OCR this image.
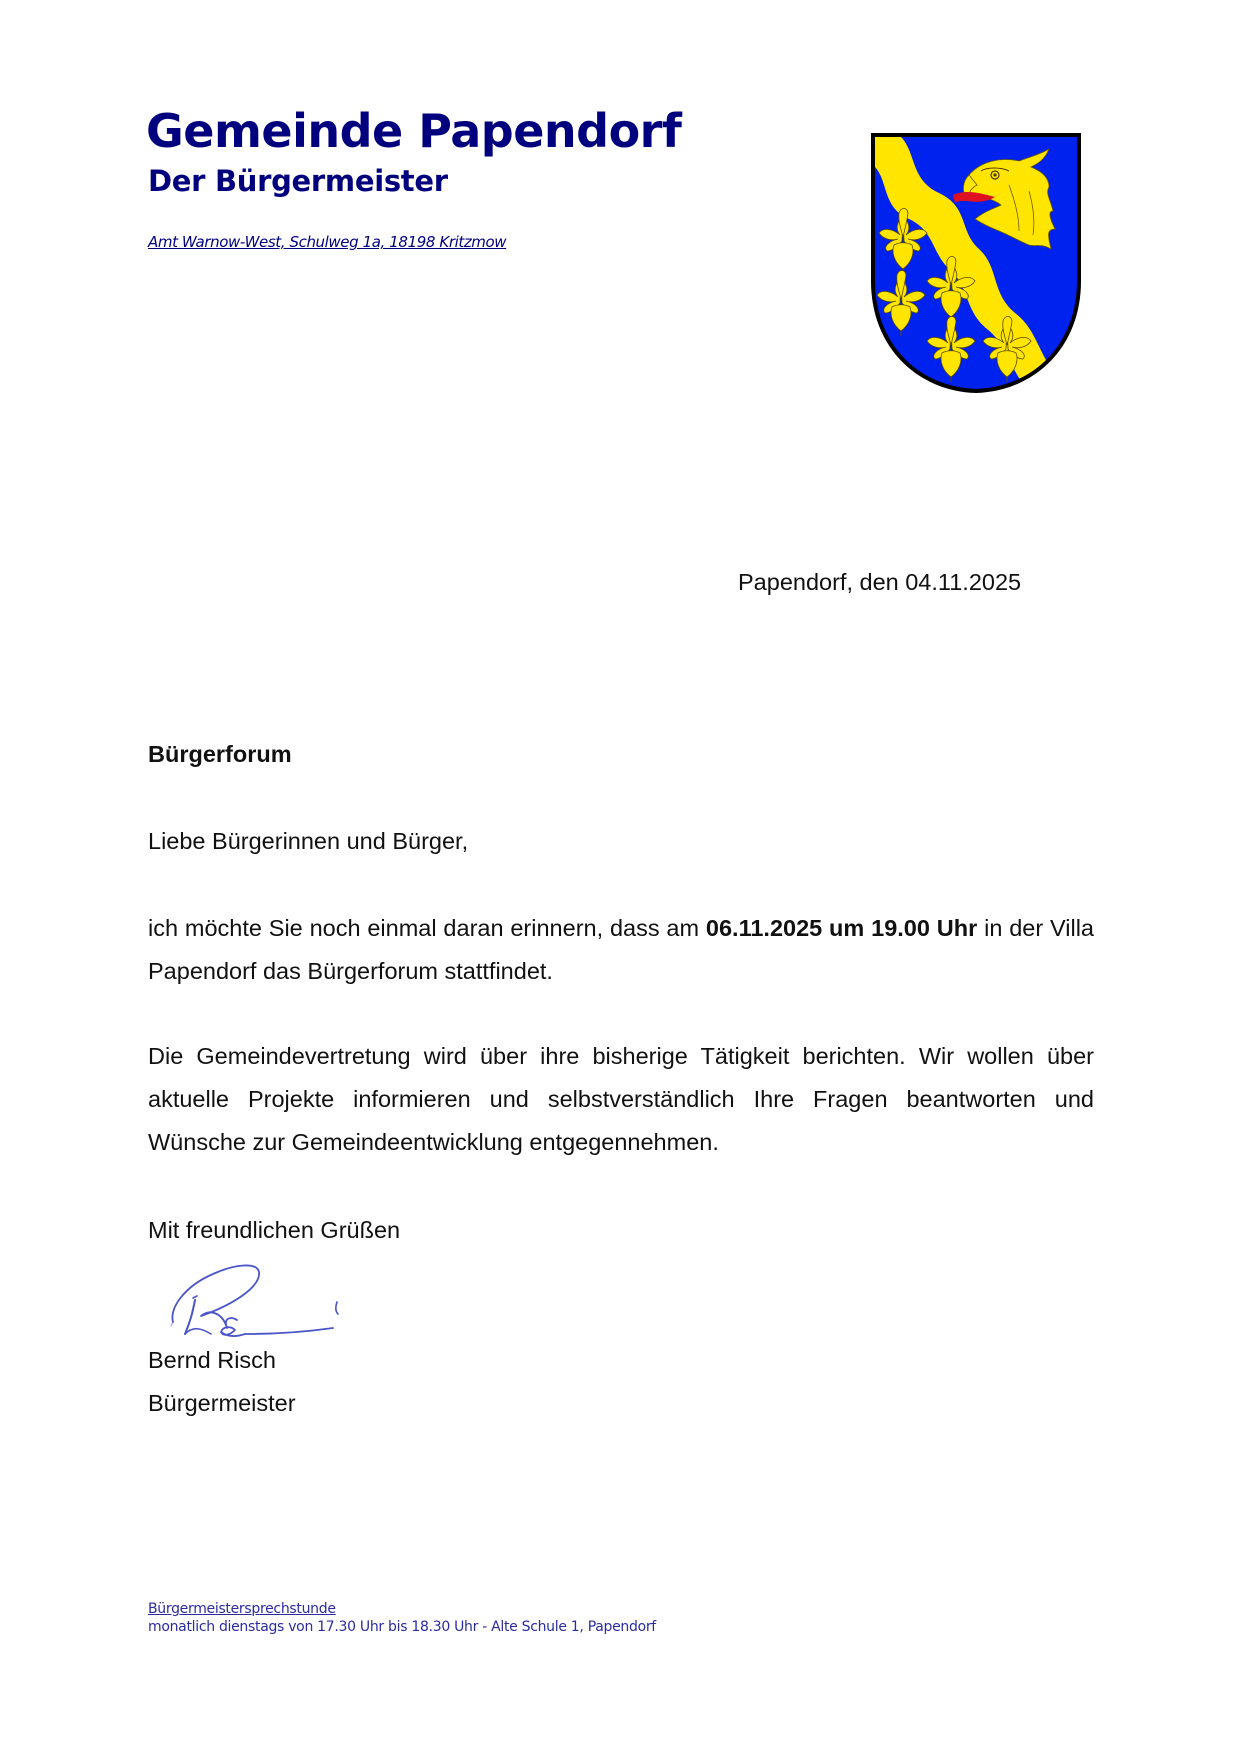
Gemeinde Papendorf
Der Bürgermeister
Amt Warnow-West, Schulweg 1a, 18198 Kritzmow
Papendorf, den 04.11.2025
Bürgerforum
Liebe Bürgerinnen und Bürger,

ich möchte Sie noch einmal daran erinnern, dass am 06.11.2025 um 19.00 Uhr in der Villa Papendorf das Bürgerforum stattfindet.

Die Gemeindevertretung wird über ihre bisherige Tätigkeit berichten. Wir wollen über aktuelle Projekte informieren und selbstverständlich Ihre Fragen beantworten und Wünsche zur Gemeindeentwicklung entgegennehmen.

Mit freundlichen Grüßen
Bernd Risch
Bürgermeister
Bürgermeistersprechstunde
monatlich dienstags von 17.30 Uhr bis 18.30 Uhr - Alte Schule 1, Papendorf
